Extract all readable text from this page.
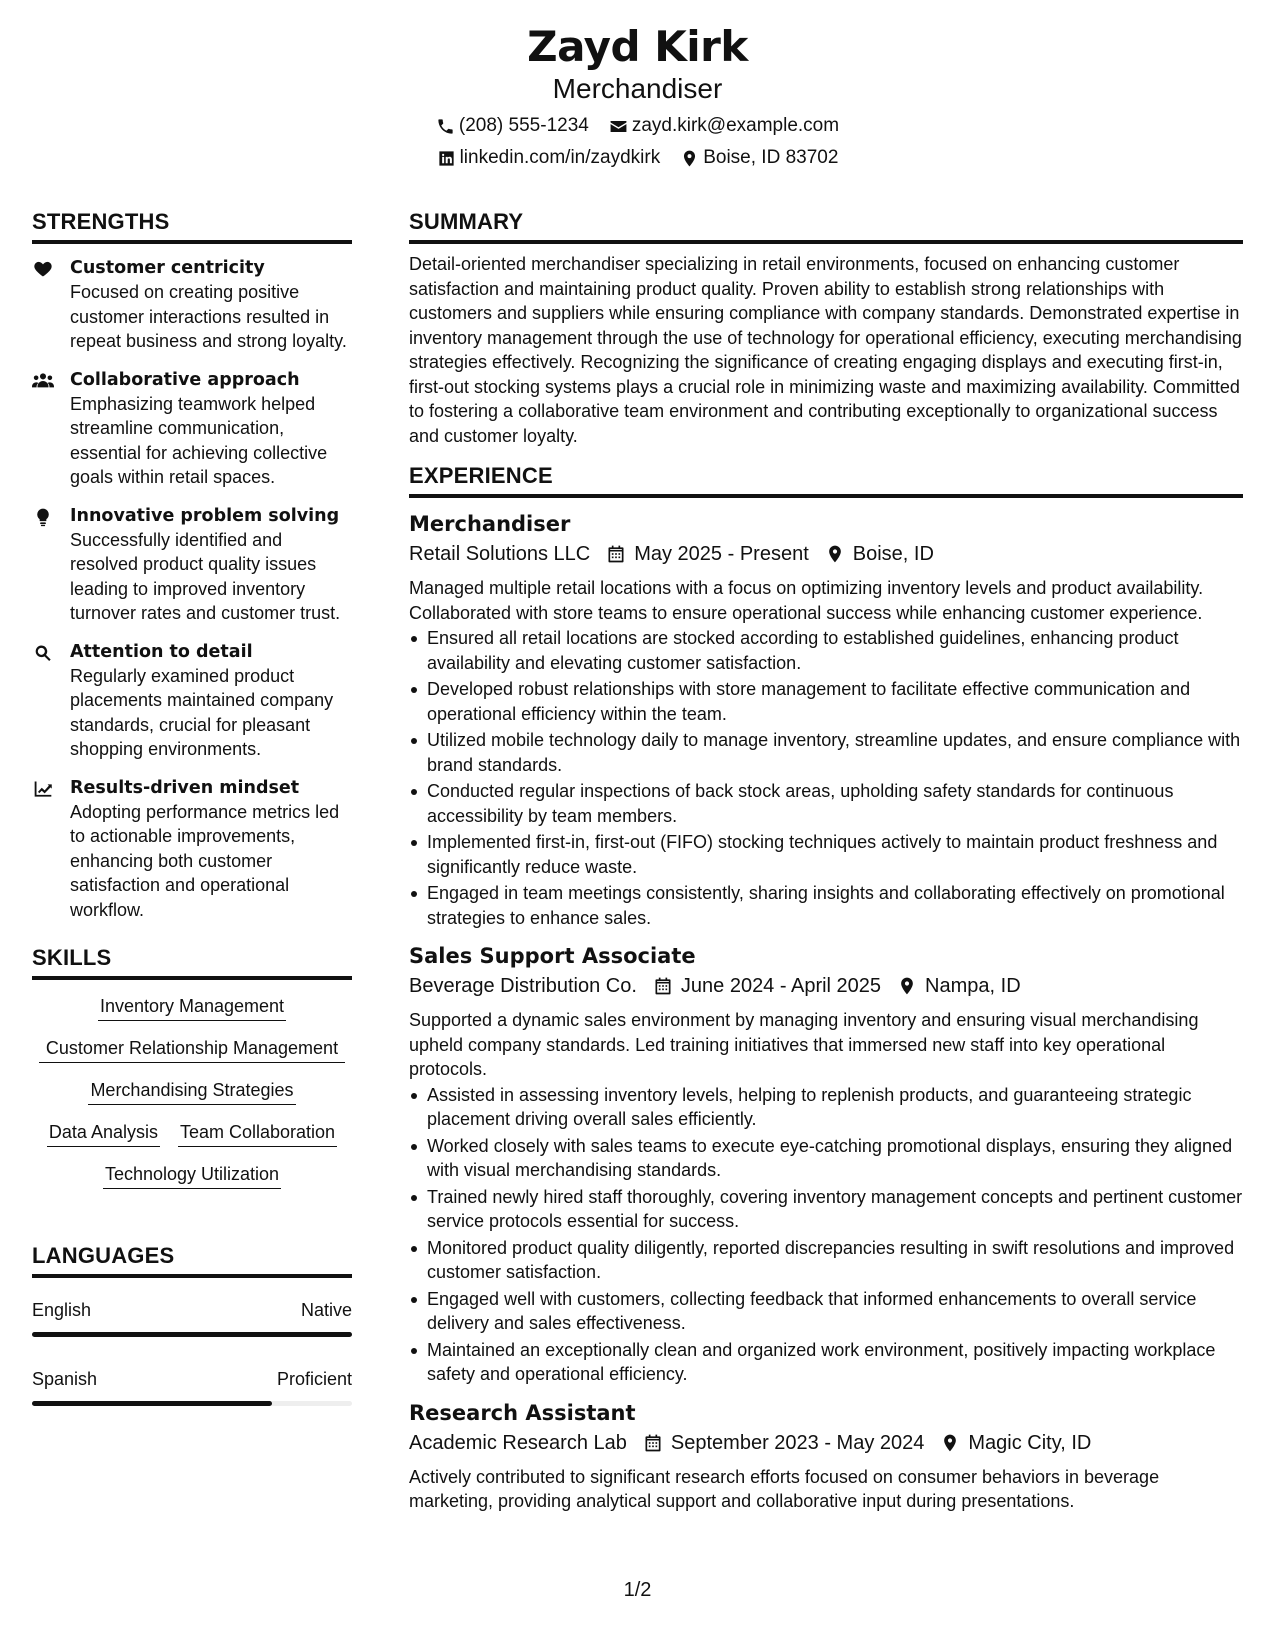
Zayd Kirk
Merchandiser
(208) 555-1234 zayd.kirk@example.com
linkedin.com/in/zaydkirk Boise, ID 83702
STRENGTHS
Customer centricity
Focused on creating positive customer interactions resulted in repeat business and strong loyalty.
Collaborative approach
Emphasizing teamwork helped streamline communication, essential for achieving collective goals within retail spaces.
Innovative problem solving
Successfully identified and resolved product quality issues leading to improved inventory turnover rates and customer trust.
Attention to detail
Regularly examined product placements maintained company standards, crucial for pleasant shopping environments.
Results-driven mindset
Adopting performance metrics led to actionable improvements, enhancing both customer satisfaction and operational workflow.
SKILLS
Inventory Management
Customer Relationship Management
Merchandising Strategies
Data Analysis Team Collaboration
Technology Utilization
LANGUAGES
English	Native
Spanish	Proficient
SUMMARY
Detail-oriented merchandiser specializing in retail environments, focused on enhancing customer satisfaction and maintaining product quality. Proven ability to establish strong relationships with customers and suppliers while ensuring compliance with company standards. Demonstrated expertise in inventory management through the use of technology for operational efficiency, executing merchandising strategies effectively. Recognizing the significance of creating engaging displays and executing first-in, first-out stocking systems plays a crucial role in minimizing waste and maximizing availability. Committed to fostering a collaborative team environment and contributing exceptionally to organizational success and customer loyalty.
EXPERIENCE
Merchandiser
Retail Solutions LLC May 2025 - Present Boise, ID
Managed multiple retail locations with a focus on optimizing inventory levels and product availability. Collaborated with store teams to ensure operational success while enhancing customer experience.
Ensured all retail locations are stocked according to established guidelines, enhancing product availability and elevating customer satisfaction.
Developed robust relationships with store management to facilitate effective communication and operational efficiency within the team.
Utilized mobile technology daily to manage inventory, streamline updates, and ensure compliance with brand standards.
Conducted regular inspections of back stock areas, upholding safety standards for continuous accessibility by team members.
Implemented first-in, first-out (FIFO) stocking techniques actively to maintain product freshness and significantly reduce waste.
Engaged in team meetings consistently, sharing insights and collaborating effectively on promotional strategies to enhance sales.
Sales Support Associate
Beverage Distribution Co. June 2024 - April 2025 Nampa, ID
Supported a dynamic sales environment by managing inventory and ensuring visual merchandising upheld company standards. Led training initiatives that immersed new staff into key operational protocols.
Assisted in assessing inventory levels, helping to replenish products, and guaranteeing strategic placement driving overall sales efficiently.
Worked closely with sales teams to execute eye-catching promotional displays, ensuring they aligned with visual merchandising standards.
Trained newly hired staff thoroughly, covering inventory management concepts and pertinent customer service protocols essential for success.
Monitored product quality diligently, reported discrepancies resulting in swift resolutions and improved customer satisfaction.
Engaged well with customers, collecting feedback that informed enhancements to overall service delivery and sales effectiveness.
Maintained an exceptionally clean and organized work environment, positively impacting workplace safety and operational efficiency.
Research Assistant
Academic Research Lab September 2023 - May 2024 Magic City, ID
Actively contributed to significant research efforts focused on consumer behaviors in beverage marketing, providing analytical support and collaborative input during presentations.
1/2
